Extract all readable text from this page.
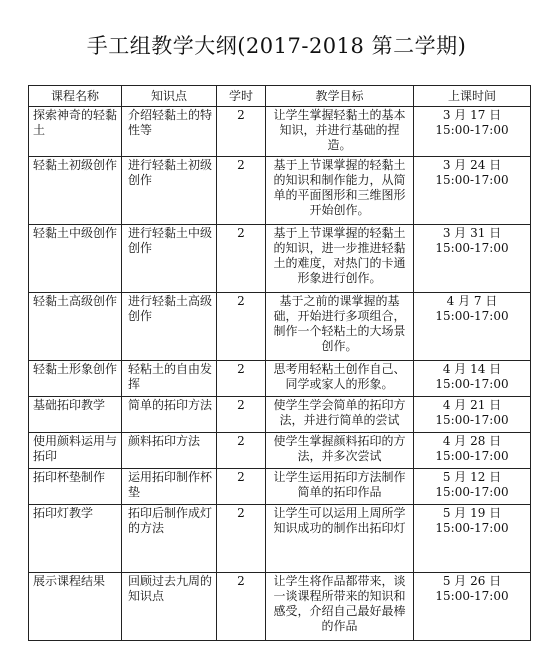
手工组教学大纲(2017-2018 第二学期)
课程名称	知识点	学时	教学目标	上课时间
探索神奇的轻黏土	介绍轻黏土的特性等	2	让学生掌握轻黏土的基本知识，并进行基础的捏造。	3 月 17 日
15:00-17:00

轻黏土初级创作	进行轻黏土初级创作	2	基于上节课掌握的轻黏土的知识和制作能力，从简单的平面图形和三维图形开始创作。	3 月 24 日
15:00-17:00

轻黏土中级创作	进行轻黏土中级创作	2	基于上节课掌握的轻黏土的知识，进一步推进轻黏土的难度，对热门的卡通形象进行创作。	3 月 31 日
15:00-17:00

轻黏土高级创作	进行轻黏土高级创作	2	基于之前的课掌握的基础，开始进行多项组合，制作一个轻粘土的大场景创作。	4 月 7 日
15:00-17:00

轻黏土形象创作	轻粘土的自由发挥	2	思考用轻粘土创作自己、同学或家人的形象。	4 月 14 日
15:00-17:00

基础拓印教学	简单的拓印方法	2	使学生学会简单的拓印方法，并进行简单的尝试	4 月 21 日
15:00-17:00

使用颜料运用与拓印	颜料拓印方法	2	使学生掌握颜料拓印的方法，并多次尝试	4 月 28 日
15:00-17:00

拓印杯垫制作	运用拓印制作杯垫	2	让学生运用拓印方法制作简单的拓印作品	5 月 12 日
15:00-17:00

拓印灯教学	拓印后制作成灯的方法	2	让学生可以运用上周所学知识成功的制作出拓印灯	5 月 19 日
15:00-17:00

展示课程结果	回顾过去九周的知识点	2	让学生将作品都带来，谈一谈课程所带来的知识和感受，介绍自己最好最棒的作品	5 月 26 日
15:00-17:00
